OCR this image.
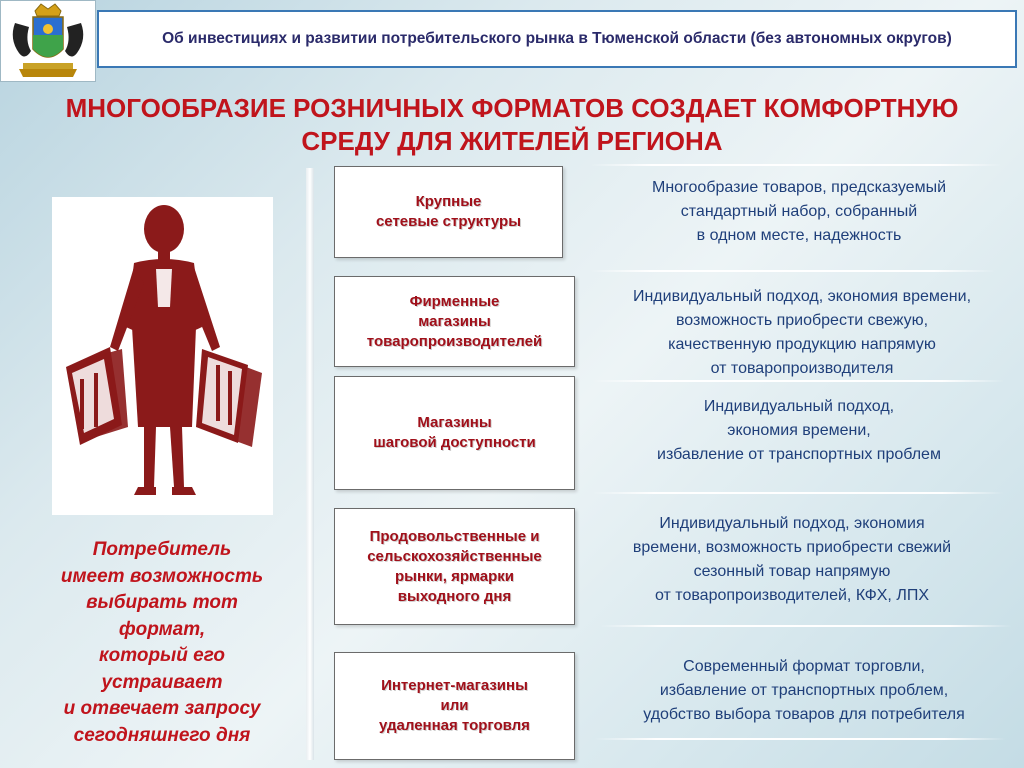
Об инвестициях и развитии потребительского рынка в Тюменской области (без автономных округов)
МНОГООБРАЗИЕ РОЗНИЧНЫХ ФОРМАТОВ СОЗДАЕТ КОМФОРТНУЮ
СРЕДУ ДЛЯ ЖИТЕЛЕЙ РЕГИОНА
Потребитель
имеет возможность
выбирать тот
формат,
который его
устраивает
и отвечает запросу
сегодняшнего дня
Крупные
сетевые структуры
Многообразие товаров, предсказуемый
стандартный набор, собранный
в одном месте, надежность
Фирменные
магазины
товаропроизводителей
Индивидуальный подход, экономия времени,
возможность приобрести свежую,
качественную продукцию напрямую
от товаропроизводителя
Магазины
шаговой доступности
Индивидуальный подход,
экономия времени,
избавление от транспортных проблем
Продовольственные и
сельскохозяйственные
рынки, ярмарки
выходного дня
Индивидуальный подход, экономия
времени, возможность приобрести свежий
сезонный товар напрямую
от товаропроизводителей, КФХ, ЛПХ
Интернет-магазины
или
удаленная торговля
Современный формат торговли,
избавление от транспортных проблем,
удобство выбора товаров для потребителя
